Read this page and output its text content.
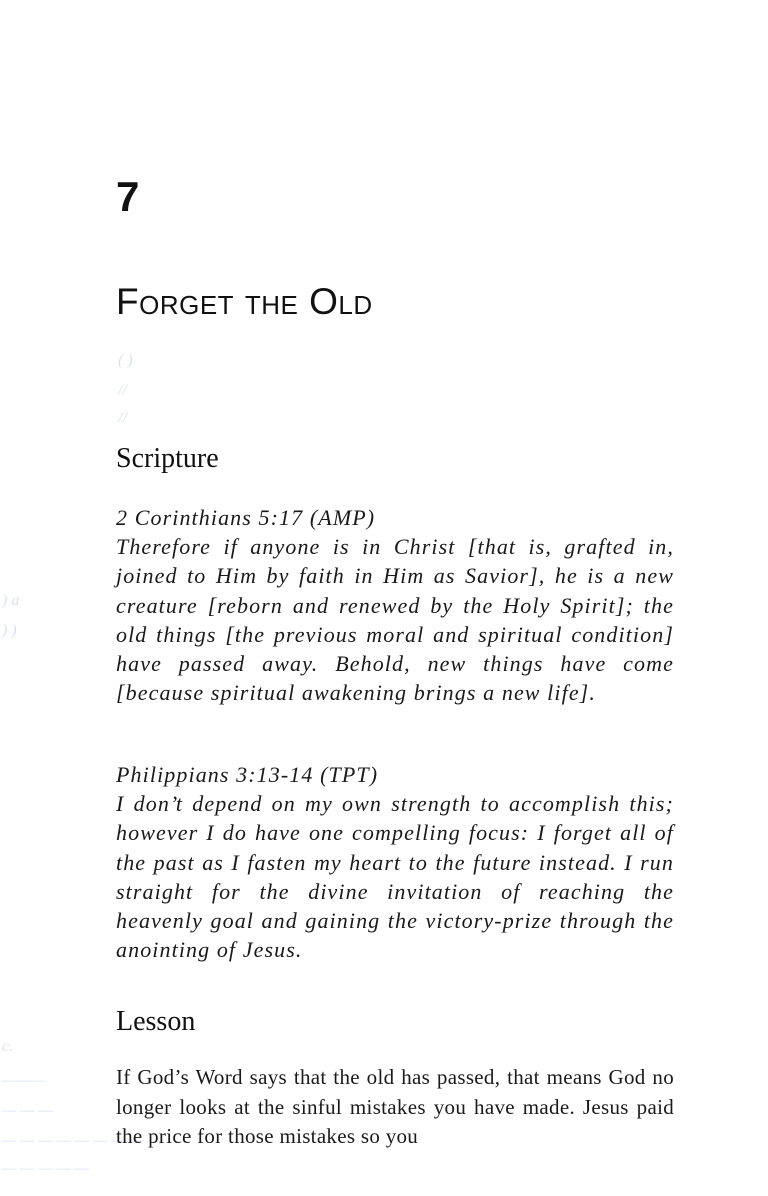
( )
//
//
) a
) )
c.
———
— — —
— — — — — — — — —
— — — — —
7
Forget the Old
Scripture
2 Corinthians 5:17 (AMP)
Therefore if anyone is in Christ [that is, grafted in, joined to Him by faith in Him as Savior], he is a new creature [reborn and renewed by the Holy Spirit]; the old things [the previous moral and spiritual condition] have passed away. Behold, new things have come [because spiritual awakening brings a new life].
Philippians 3:13-14 (TPT)
I don’t depend on my own strength to accomplish this; however I do have one compelling focus: I forget all of the past as I fasten my heart to the future instead. I run straight for the divine invitation of reaching the heavenly goal and gaining the victory-prize through the anointing of Jesus.
Lesson

If God’s Word says that the old has passed, that means God no longer looks at the sinful mistakes you have made. Jesus paid the price for those mistakes so you
